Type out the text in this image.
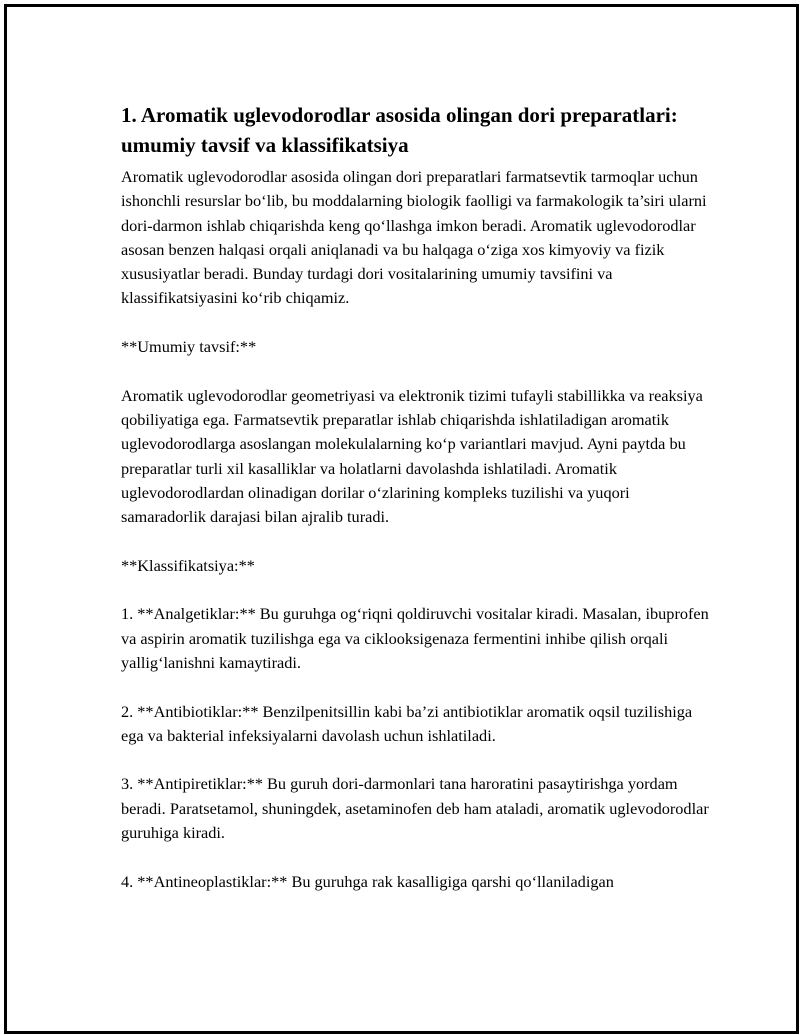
1. Aromatik uglevodorodlar asosida olingan dori preparatlari: umumiy tavsif va klassifikatsiya

Aromatik uglevodorodlar asosida olingan dori preparatlari farmatsevtik tarmoqlar uchun ishonchli resurslar bo‘lib, bu moddalarning biologik faolligi va farmakologik ta’siri ularni dori-darmon ishlab chiqarishda keng qo‘llashga imkon beradi. Aromatik uglevodorodlar asosan benzen halqasi orqali aniqlanadi va bu halqaga o‘ziga xos kimyoviy va fizik xususiyatlar beradi. Bunday turdagi dori vositalarining umumiy tavsifini va klassifikatsiyasini ko‘rib chiqamiz.

**Umumiy tavsif:**

Aromatik uglevodorodlar geometriyasi va elektronik tizimi tufayli stabillikka va reaksiya qobiliyatiga ega. Farmatsevtik preparatlar ishlab chiqarishda ishlatiladigan aromatik uglevodorodlarga asoslangan molekulalarning ko‘p variantlari mavjud. Ayni paytda bu preparatlar turli xil kasalliklar va holatlarni davolashda ishlatiladi. Aromatik uglevodorodlardan olinadigan dorilar o‘zlarining kompleks tuzilishi va yuqori samaradorlik darajasi bilan ajralib turadi.

**Klassifikatsiya:**

1. **Analgetiklar:** Bu guruhga og‘riqni qoldiruvchi vositalar kiradi. Masalan, ibuprofen va aspirin aromatik tuzilishga ega va ciklooksigenaza fermentini inhibe qilish orqali yallig‘lanishni kamaytiradi.

2. **Antibiotiklar:** Benzilpenitsillin kabi ba’zi antibiotiklar aromatik oqsil tuzilishiga ega va bakterial infeksiyalarni davolash uchun ishlatiladi.

3. **Antipiretiklar:** Bu guruh dori-darmonlari tana haroratini pasaytirishga yordam beradi. Paratsetamol, shuningdek, asetaminofen deb ham ataladi, aromatik uglevodorodlar guruhiga kiradi.

4. **Antineoplastiklar:** Bu guruhga rak kasalligiga qarshi qo‘llaniladigan
